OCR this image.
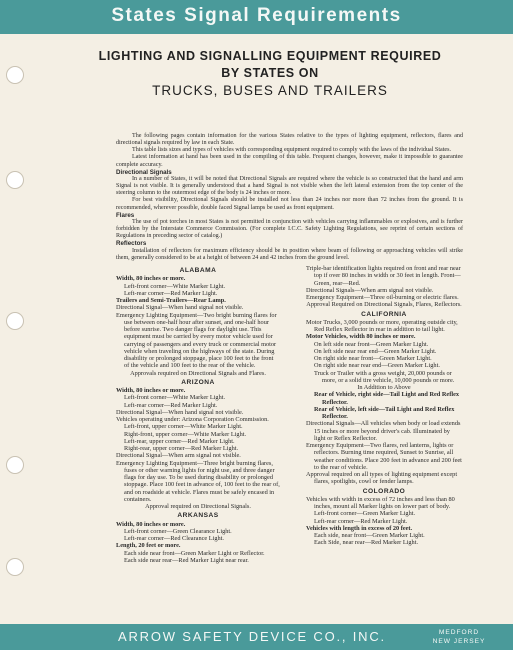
States Signal Requirements
LIGHTING AND SIGNALLING EQUIPMENT REQUIRED
BY STATES ON
TRUCKS, BUSES AND TRAILERS

The following pages contain information for the various States relative to the types of lighting equipment, reflectors, flares and directional signals required by law in each State.

This table lists sizes and types of vehicles with corresponding equipment required to comply with the laws of the individual States.

Latest information at hand has been used in the compiling of this table. Frequent changes, however, make it impossible to guarantee complete accuracy.

Directional Signals

In a number of States, it will be noted that Directional Signals are required where the vehicle is so constructed that the hand and arm Signal is not visible. It is generally understood that a hand Signal is not visible when the left lateral extension from the top center of the steering column to the outermost edge of the body is 24 inches or more.

For best visibility, Directional Signals should be installed not less than 24 inches nor more than 72 inches from the ground. It is recommended, wherever possible, double faced Signal lamps be used as front equipment.

Flares

The use of pot torches in most States is not permitted in conjunction with vehicles carrying inflammables or explosives, and is further forbidden by the Interstate Commerce Commission. (For complete I.C.C. Safety Lighting Regulations, see reprint of certain sections of Regulations in preceding sector of catalog.)

Reflectors

Installation of reflectors for maximum efficiency should be in position where beam of following or approaching vehicles will strike them, generally considered to be at a height of between 24 and 42 inches from the ground level.

ALABAMA
Width, 80 inches or more.
Left-front corner—White Marker Light.
Left-rear corner—Red Marker Light.
Trailers and Semi-Trailers—Rear Lamp.
Directional Signal—When hand signal not visible.
Emergency Lighting Equipment—Two bright burning flares for use between one-half hour after sunset, and one-half hour before sunrise. Two danger flags for daylight use. This equipment must be carried by every motor vehicle used for carrying of passengers and every truck or commercial motor vehicle when traveling on the highways of the state. During disability or prolonged stoppage, place 100 feet to the front of the vehicle and 100 feet to the rear of the vehicle.
Approvals required on Directional Signals and Flares.
ARIZONA
Width, 80 inches or more.
Left-front corner—White Marker Light.
Left-rear corner—Red Marker Light.
Directional Signal—When hand signal not visible.
Vehicles operating under: Arizona Corporation Commission.
Left-front, upper corner—White Marker Light.
Right-front, upper corner—White Marker Light.
Left-rear, upper corner—Red Marker Light.
Right-rear, upper corner—Red Marker Light.
Directional Signal—When arm signal not visible.
Emergency Lighting Equipment—Three bright burning flares, fuses or other warning lights for night use, and three danger flags for day use. To be used during disability or prolonged stoppage. Place 100 feet in advance of, 100 feet to the rear of, and on roadside at vehicle. Flares must be safely encased in containers.
Approval required on Directional Signals.
ARKANSAS
Width, 80 inches or more.
Left-front corner—Green Clearance Light.
Left-rear corner—Red Clearance Light.
Length, 20 feet or more.
Each side near front—Green Marker Light or Reflector.
Each side near rear—Red Marker Light near rear.
Triple-bar identification lights required on front and rear near top if over 80 inches in width or 30 feet in length. Front—Green, rear—Red.
Directional Signals—When arm signal not visible.
Emergency Equipment—Three oil-burning or electric flares.
Approval Required on Directional Signals, Flares, Reflectors.
CALIFORNIA
Motor Trucks, 3,000 pounds or more, operating outside city, Red Reflex Reflector in rear in addition to tail light.
Motor Vehicles, width 80 inches or more.
On left side near front—Green Marker Light.
On left side near rear end—Green Marker Light.
On right side near front—Green Marker Light.
On right side near rear end—Green Marker Light.
Truck or Trailer with a gross weight, 20,000 pounds or more, or a solid tire vehicle, 10,000 pounds or more.
In Addition to Above
Rear of Vehicle, right side—Tail Light and Red Reflex Reflector.
Rear of Vehicle, left side—Tail Light and Red Reflex Reflector.
Directional Signals—All vehicles when body or load extends 15 inches or more beyond driver's cab. Illuminated by light or Reflex Reflector.
Emergency Equipment—Two flares, red lanterns, lights or reflectors. Burning time required, Sunset to Sunrise, all weather conditions. Place 200 feet in advance and 200 feet to the rear of vehicle.
Approval required on all types of lighting equipment except flares, spotlights, cowl or fender lamps.
COLORADO
Vehicles with width in excess of 72 inches and less than 80 inches, mount all Marker lights on lower part of body.
Left-front corner—Green Marker Light.
Left-rear corner—Red Marker Light.
Vehicles with length in excess of 20 feet.
Each side, near front—Green Marker Light.
Each Side, near rear—Red Marker Light.
ARROW SAFETY DEVICE CO., INC.	MEDFORD
NEW JERSEY
